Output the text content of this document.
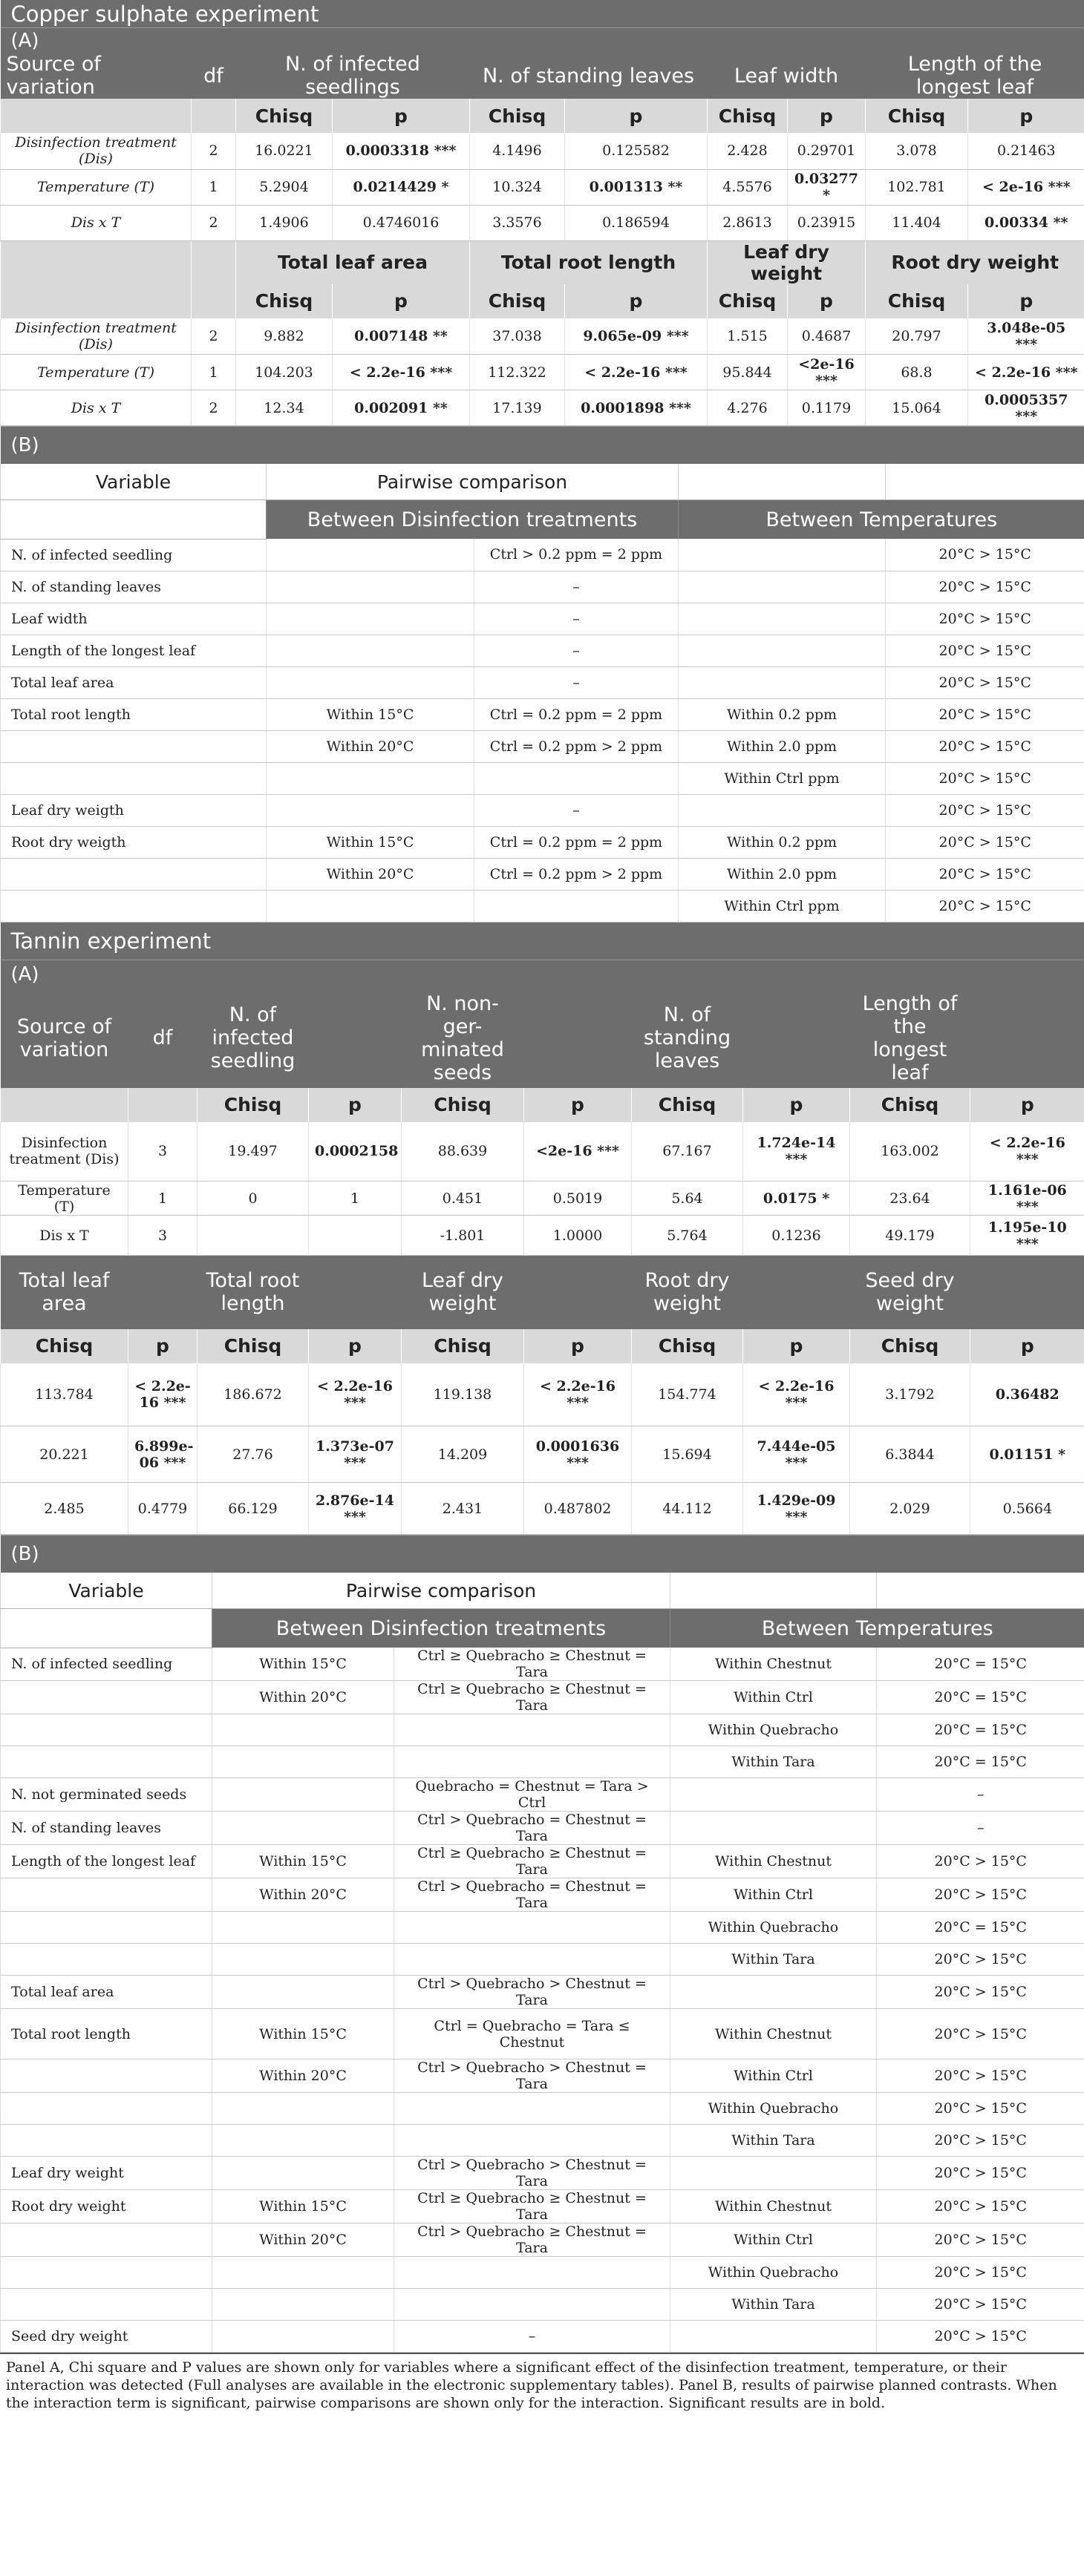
Copper sulphate experiment									
(A)									
Source of variation	df	N. of infected seedlings		N. of standing leaves		Leaf width		Length of the longest leaf	
		Chisq	p	Chisq	p	Chisq	p	Chisq	p
Disinfection treatment (Dis)	2	16.0221	0.0003318 ***	4.1496	0.125582	2.428	0.29701	3.078	0.21463
Temperature (T)	1	5.2904	0.0214429 *	10.324	0.001313 **	4.5576	0.03277 *	102.781	< 2e-16 ***
Dis x T	2	1.4906	0.4746016	3.3576	0.186594	2.8613	0.23915	11.404	0.00334 **
		Total leaf area		Total root length		Leaf dry weight		Root dry weight	
		Chisq	p	Chisq	p	Chisq	p	Chisq	p
Disinfection treatment (Dis)	2	9.882	0.007148 **	37.038	9.065e-09 ***	1.515	0.4687	20.797	3.048e-05 ***
Temperature (T)	1	104.203	< 2.2e-16 ***	112.322	< 2.2e-16 ***	95.844	<2e-16 ***	68.8	< 2.2e-16 ***
Dis x T	2	12.34	0.002091 **	17.139	0.0001898 ***	4.276	0.1179	15.064	0.0005357 ***
(B)				
Variable	Pairwise comparison			
	Between Disinfection treatments		Between Temperatures	
N. of infected seedling		Ctrl > 0.2 ppm = 2 ppm		20°C > 15°C
N. of standing leaves		–		20°C > 15°C
Leaf width		–		20°C > 15°C
Length of the longest leaf		–		20°C > 15°C
Total leaf area		–		20°C > 15°C
Total root length	Within 15°C	Ctrl = 0.2 ppm = 2 ppm	Within 0.2 ppm	20°C > 15°C
	Within 20°C	Ctrl = 0.2 ppm > 2 ppm	Within 2.0 ppm	20°C > 15°C
			Within Ctrl ppm	20°C > 15°C
Leaf dry weigth		–		20°C > 15°C
Root dry weigth	Within 15°C	Ctrl = 0.2 ppm = 2 ppm	Within 0.2 ppm	20°C > 15°C
	Within 20°C	Ctrl = 0.2 ppm > 2 ppm	Within 2.0 ppm	20°C > 15°C
			Within Ctrl ppm	20°C > 15°C
Tannin experiment									
(A)									
Source of variation	df	N. of infected seedling		N. non-ger-minated seeds		N. of standing leaves		Length of the longest leaf	
		Chisq	p	Chisq	p	Chisq	p	Chisq	p
Disinfection treatment (Dis)	3	19.497	0.0002158	88.639	<2e-16 ***	67.167	1.724e-14 ***	163.002	< 2.2e-16 ***
Temperature (T)	1	0	1	0.451	0.5019	5.64	0.0175 *	23.64	1.161e-06 ***
Dis x T	3			-1.801	1.0000	5.764	0.1236	49.179	1.195e-10 ***
Total leaf area		Total root length		Leaf dry weight		Root dry weight		Seed dry weight	
Chisq	p	Chisq	p	Chisq	p	Chisq	p	Chisq	p
113.784	< 2.2e-16 ***	186.672	< 2.2e-16 ***	119.138	< 2.2e-16 ***	154.774	< 2.2e-16 ***	3.1792	0.36482
20.221	6.899e-06 ***	27.76	1.373e-07 ***	14.209	0.0001636 ***	15.694	7.444e-05 ***	6.3844	0.01151 *
2.485	0.4779	66.129	2.876e-14 ***	2.431	0.487802	44.112	1.429e-09 ***	2.029	0.5664
(B)				
Variable	Pairwise comparison			
	Between Disinfection treatments		Between Temperatures	
N. of infected seedling	Within 15°C	Ctrl ≥ Quebracho ≥ Chestnut = Tara	Within Chestnut	20°C = 15°C
	Within 20°C	Ctrl ≥ Quebracho ≥ Chestnut = Tara	Within Ctrl	20°C = 15°C
			Within Quebracho	20°C = 15°C
			Within Tara	20°C = 15°C
N. not germinated seeds		Quebracho = Chestnut = Tara > Ctrl		–
N. of standing leaves		Ctrl > Quebracho = Chestnut = Tara		–
Length of the longest leaf	Within 15°C	Ctrl ≥ Quebracho ≥ Chestnut = Tara	Within Chestnut	20°C > 15°C
	Within 20°C	Ctrl > Quebracho = Chestnut = Tara	Within Ctrl	20°C > 15°C
			Within Quebracho	20°C = 15°C
			Within Tara	20°C > 15°C
Total leaf area		Ctrl > Quebracho > Chestnut = Tara		20°C > 15°C
Total root length	Within 15°C	Ctrl = Quebracho = Tara ≤ Chestnut	Within Chestnut	20°C > 15°C
	Within 20°C	Ctrl > Quebracho > Chestnut = Tara	Within Ctrl	20°C > 15°C
			Within Quebracho	20°C > 15°C
			Within Tara	20°C > 15°C
Leaf dry weight		Ctrl > Quebracho > Chestnut = Tara		20°C > 15°C
Root dry weight	Within 15°C	Ctrl ≥ Quebracho ≥ Chestnut = Tara	Within Chestnut	20°C > 15°C
	Within 20°C	Ctrl > Quebracho ≥ Chestnut = Tara	Within Ctrl	20°C > 15°C
			Within Quebracho	20°C > 15°C
			Within Tara	20°C > 15°C
Seed dry weight		–		20°C > 15°C
Panel A, Chi square and P values are shown only for variables where a significant effect of the disinfection treatment, temperature, or their interaction was detected (Full analyses are available in the electronic supplementary tables). Panel B, results of pairwise planned contrasts. When the interaction term is significant, pairwise comparisons are shown only for the interaction. Significant results are in bold.
